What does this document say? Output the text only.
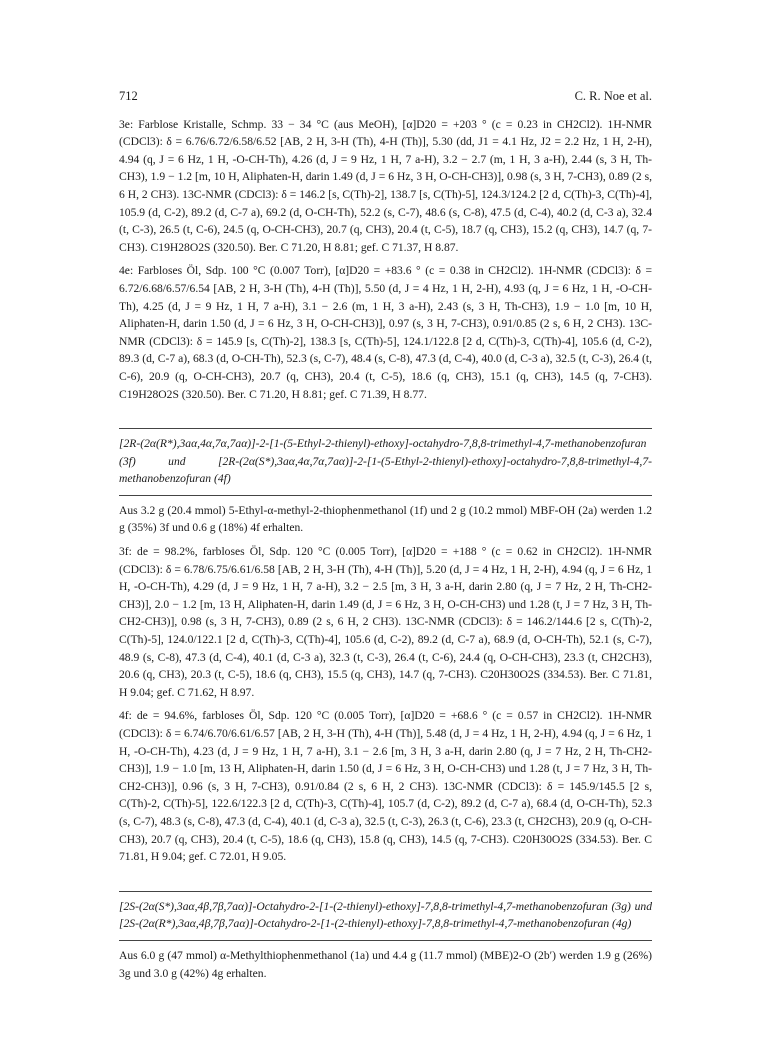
712	C. R. Noe et al.

3e: Farblose Kristalle, Schmp. 33 − 34 °C (aus MeOH), [α]D20 = +203 ° (c = 0.23 in CH2Cl2). 1H-NMR (CDCl3): δ = 6.76/6.72/6.58/6.52 [AB, 2 H, 3-H (Th), 4-H (Th)], 5.30 (dd, J1 = 4.1 Hz, J2 = 2.2 Hz, 1 H, 2-H), 4.94 (q, J = 6 Hz, 1 H, -O-CH-Th), 4.26 (d, J = 9 Hz, 1 H, 7 a-H), 3.2 − 2.7 (m, 1 H, 3 a-H), 2.44 (s, 3 H, Th-CH3), 1.9 − 1.2 [m, 10 H, Aliphaten-H, darin 1.49 (d, J = 6 Hz, 3 H, O-CH-CH3)], 0.98 (s, 3 H, 7-CH3), 0.89 (2 s, 6 H, 2 CH3). 13C-NMR (CDCl3): δ = 146.2 [s, C(Th)-2], 138.7 [s, C(Th)-5], 124.3/124.2 [2 d, C(Th)-3, C(Th)-4], 105.9 (d, C-2), 89.2 (d, C-7 a), 69.2 (d, O-CH-Th), 52.2 (s, C-7), 48.6 (s, C-8), 47.5 (d, C-4), 40.2 (d, C-3 a), 32.4 (t, C-3), 26.5 (t, C-6), 24.5 (q, O-CH-CH3), 20.7 (q, CH3), 20.4 (t, C-5), 18.7 (q, CH3), 15.2 (q, CH3), 14.7 (q, 7-CH3). C19H28O2S (320.50). Ber. C 71.20, H 8.81; gef. C 71.37, H 8.87.

4e: Farbloses Öl, Sdp. 100 °C (0.007 Torr), [α]D20 = +83.6 ° (c = 0.38 in CH2Cl2). 1H-NMR (CDCl3): δ = 6.72/6.68/6.57/6.54 [AB, 2 H, 3-H (Th), 4-H (Th)], 5.50 (d, J = 4 Hz, 1 H, 2-H), 4.93 (q, J = 6 Hz, 1 H, -O-CH-Th), 4.25 (d, J = 9 Hz, 1 H, 7 a-H), 3.1 − 2.6 (m, 1 H, 3 a-H), 2.43 (s, 3 H, Th-CH3), 1.9 − 1.0 [m, 10 H, Aliphaten-H, darin 1.50 (d, J = 6 Hz, 3 H, O-CH-CH3)], 0.97 (s, 3 H, 7-CH3), 0.91/0.85 (2 s, 6 H, 2 CH3). 13C-NMR (CDCl3): δ = 145.9 [s, C(Th)-2], 138.3 [s, C(Th)-5], 124.1/122.8 [2 d, C(Th)-3, C(Th)-4], 105.6 (d, C-2), 89.3 (d, C-7 a), 68.3 (d, O-CH-Th), 52.3 (s, C-7), 48.4 (s, C-8), 47.3 (d, C-4), 40.0 (d, C-3 a), 32.5 (t, C-3), 26.4 (t, C-6), 20.9 (q, O-CH-CH3), 20.7 (q, CH3), 20.4 (t, C-5), 18.6 (q, CH3), 15.1 (q, CH3), 14.5 (q, 7-CH3). C19H28O2S (320.50). Ber. C 71.20, H 8.81; gef. C 71.39, H 8.77.

[2R-(2α(R*),3aα,4α,7α,7aα)]-2-[1-(5-Ethyl-2-thienyl)-ethoxy]-octahydro-7,8,8-trimethyl-4,7-methanobenzofuran (3f) und [2R-(2α(S*),3aα,4α,7α,7aα)]-2-[1-(5-Ethyl-2-thienyl)-ethoxy]-octahydro-7,8,8-trimethyl-4,7-methanobenzofuran (4f)

Aus 3.2 g (20.4 mmol) 5-Ethyl-α-methyl-2-thiophenmethanol (1f) und 2 g (10.2 mmol) MBF-OH (2a) werden 1.2 g (35%) 3f und 0.6 g (18%) 4f erhalten.

3f: de = 98.2%, farbloses Öl, Sdp. 120 °C (0.005 Torr), [α]D20 = +188 ° (c = 0.62 in CH2Cl2). 1H-NMR (CDCl3): δ = 6.78/6.75/6.61/6.58 [AB, 2 H, 3-H (Th), 4-H (Th)], 5.20 (d, J = 4 Hz, 1 H, 2-H), 4.94 (q, J = 6 Hz, 1 H, -O-CH-Th), 4.29 (d, J = 9 Hz, 1 H, 7 a-H), 3.2 − 2.5 [m, 3 H, 3 a-H, darin 2.80 (q, J = 7 Hz, 2 H, Th-CH2-CH3)], 2.0 − 1.2 [m, 13 H, Aliphaten-H, darin 1.49 (d, J = 6 Hz, 3 H, O-CH-CH3) und 1.28 (t, J = 7 Hz, 3 H, Th-CH2-CH3)], 0.98 (s, 3 H, 7-CH3), 0.89 (2 s, 6 H, 2 CH3). 13C-NMR (CDCl3): δ = 146.2/144.6 [2 s, C(Th)-2, C(Th)-5], 124.0/122.1 [2 d, C(Th)-3, C(Th)-4], 105.6 (d, C-2), 89.2 (d, C-7 a), 68.9 (d, O-CH-Th), 52.1 (s, C-7), 48.9 (s, C-8), 47.3 (d, C-4), 40.1 (d, C-3 a), 32.3 (t, C-3), 26.4 (t, C-6), 24.4 (q, O-CH-CH3), 23.3 (t, CH2CH3), 20.6 (q, CH3), 20.3 (t, C-5), 18.6 (q, CH3), 15.5 (q, CH3), 14.7 (q, 7-CH3). C20H30O2S (334.53). Ber. C 71.81, H 9.04; gef. C 71.62, H 8.97.

4f: de = 94.6%, farbloses Öl, Sdp. 120 °C (0.005 Torr), [α]D20 = +68.6 ° (c = 0.57 in CH2Cl2). 1H-NMR (CDCl3): δ = 6.74/6.70/6.61/6.57 [AB, 2 H, 3-H (Th), 4-H (Th)], 5.48 (d, J = 4 Hz, 1 H, 2-H), 4.94 (q, J = 6 Hz, 1 H, -O-CH-Th), 4.23 (d, J = 9 Hz, 1 H, 7 a-H), 3.1 − 2.6 [m, 3 H, 3 a-H, darin 2.80 (q, J = 7 Hz, 2 H, Th-CH2-CH3)], 1.9 − 1.0 [m, 13 H, Aliphaten-H, darin 1.50 (d, J = 6 Hz, 3 H, O-CH-CH3) und 1.28 (t, J = 7 Hz, 3 H, Th-CH2-CH3)], 0.96 (s, 3 H, 7-CH3), 0.91/0.84 (2 s, 6 H, 2 CH3). 13C-NMR (CDCl3): δ = 145.9/145.5 [2 s, C(Th)-2, C(Th)-5], 122.6/122.3 [2 d, C(Th)-3, C(Th)-4], 105.7 (d, C-2), 89.2 (d, C-7 a), 68.4 (d, O-CH-Th), 52.3 (s, C-7), 48.3 (s, C-8), 47.3 (d, C-4), 40.1 (d, C-3 a), 32.5 (t, C-3), 26.3 (t, C-6), 23.3 (t, CH2CH3), 20.9 (q, O-CH-CH3), 20.7 (q, CH3), 20.4 (t, C-5), 18.6 (q, CH3), 15.8 (q, CH3), 14.5 (q, 7-CH3). C20H30O2S (334.53). Ber. C 71.81, H 9.04; gef. C 72.01, H 9.05.

[2S-(2α(S*),3aα,4β,7β,7aα)]-Octahydro-2-[1-(2-thienyl)-ethoxy]-7,8,8-trimethyl-4,7-methanobenzofuran (3g) und [2S-(2α(R*),3aα,4β,7β,7aα)]-Octahydro-2-[1-(2-thienyl)-ethoxy]-7,8,8-trimethyl-4,7-methanobenzofuran (4g)

Aus 6.0 g (47 mmol) α-Methylthiophenmethanol (1a) und 4.4 g (11.7 mmol) (MBE)2-O (2b′) werden 1.9 g (26%) 3g und 3.0 g (42%) 4g erhalten.
